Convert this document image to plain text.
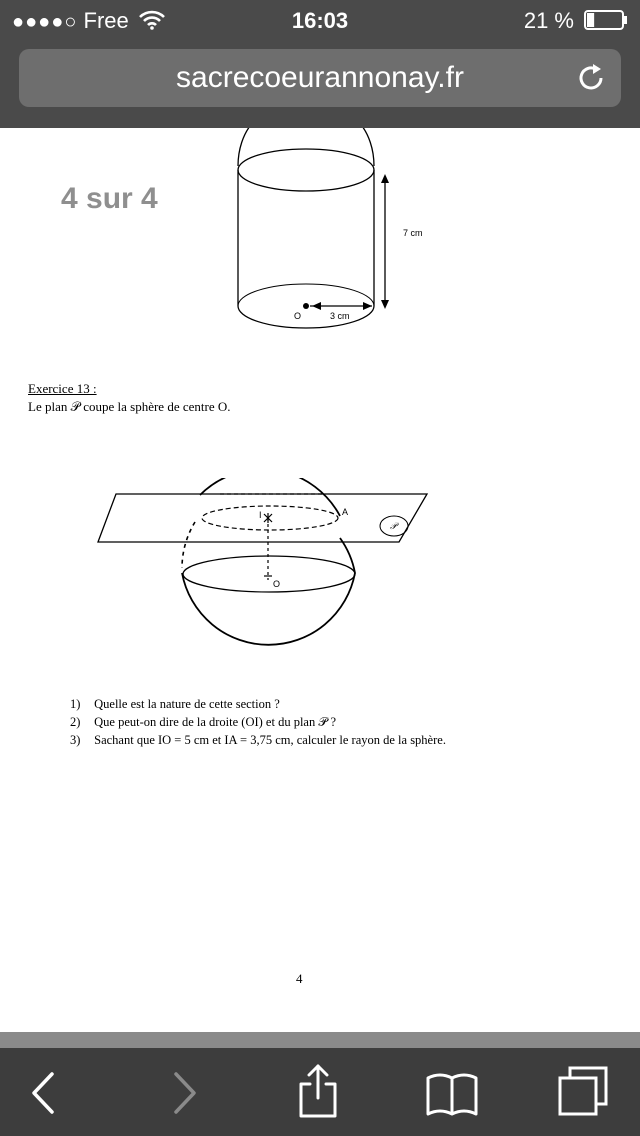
●●●●○ Free	16:03	21 %
sacrecoeurannonay.fr
4 sur 4
7 cm
3 cm
O
Exercice 13 :
Le plan 𝒫 coupe la sphère de centre O.
I	A
O
𝒫
1) Quelle est la nature de cette section ?
2) Que peut-on dire de la droite (OI) et du plan 𝒫 ?
3) Sachant que IO = 5 cm et IA = 3,75 cm, calculer le rayon de la sphère.
4
